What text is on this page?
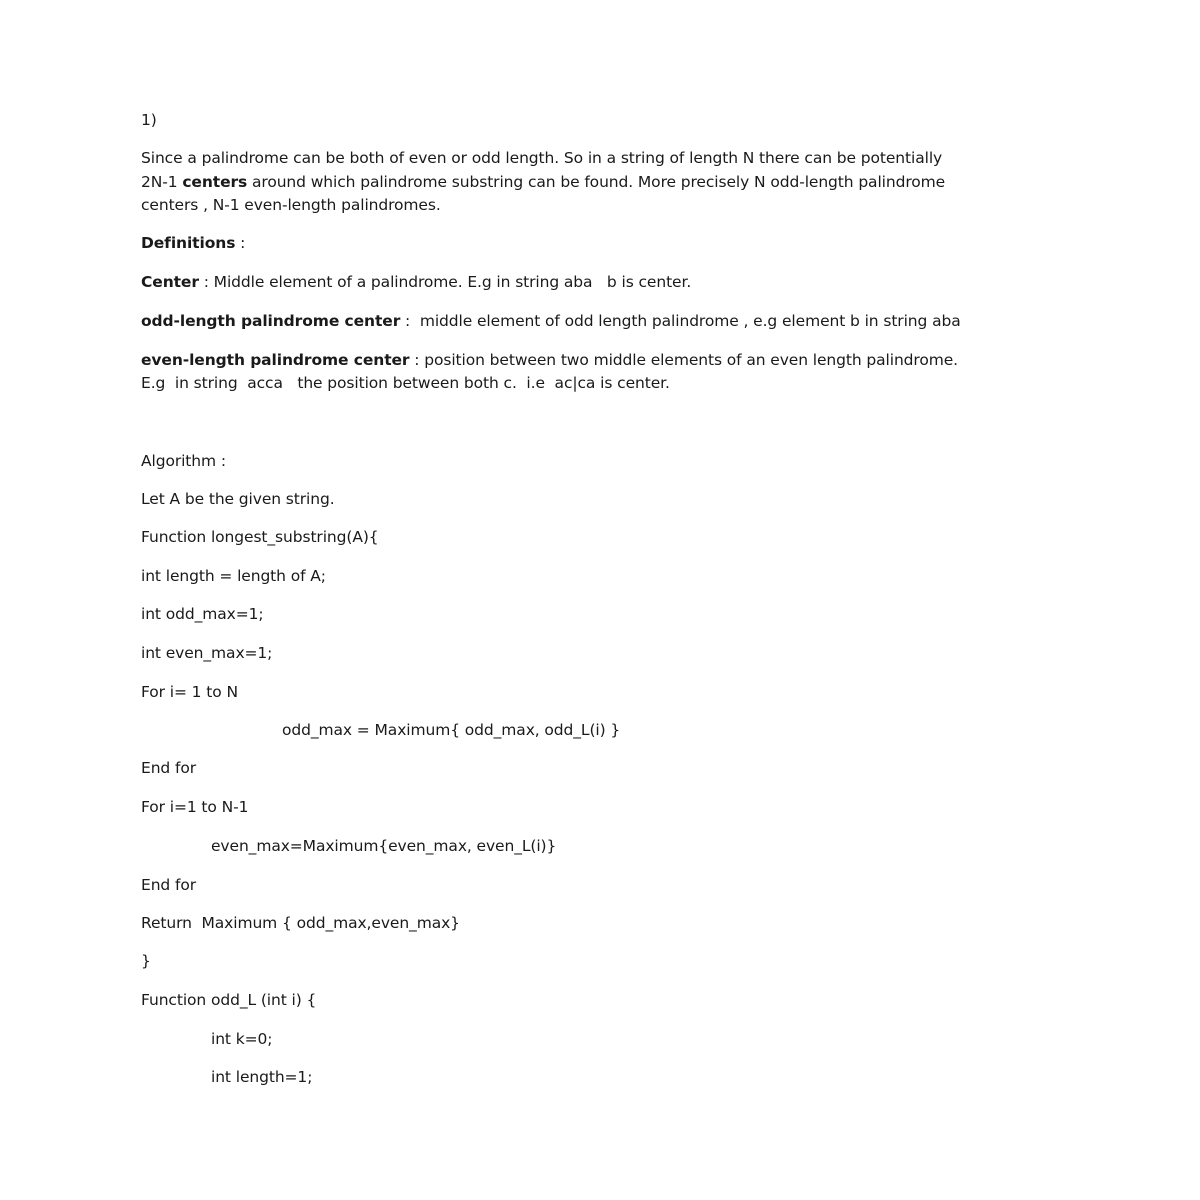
1)
Since a palindrome can be both of even or odd length. So in a string of length N there can be potentially
2N-1 centers around which palindrome substring can be found. More precisely N odd-length palindrome
centers , N-1 even-length palindromes.
Definitions :
Center : Middle element of a palindrome. E.g in string aba   b is center.
odd-length palindrome center :  middle element of odd length palindrome , e.g element b in string aba
even-length palindrome center : position between two middle elements of an even length palindrome.
E.g  in string  acca   the position between both c.  i.e  ac|ca is center.
Algorithm :
Let A be the given string.
Function longest_substring(A){
int length = length of A;
int odd_max=1;
int even_max=1;
For i= 1 to N
odd_max = Maximum{ odd_max, odd_L(i) }
End for
For i=1 to N-1
even_max=Maximum{even_max, even_L(i)}
End for
Return  Maximum { odd_max,even_max}
}
Function odd_L (int i) {
int k=0;
int length=1;
